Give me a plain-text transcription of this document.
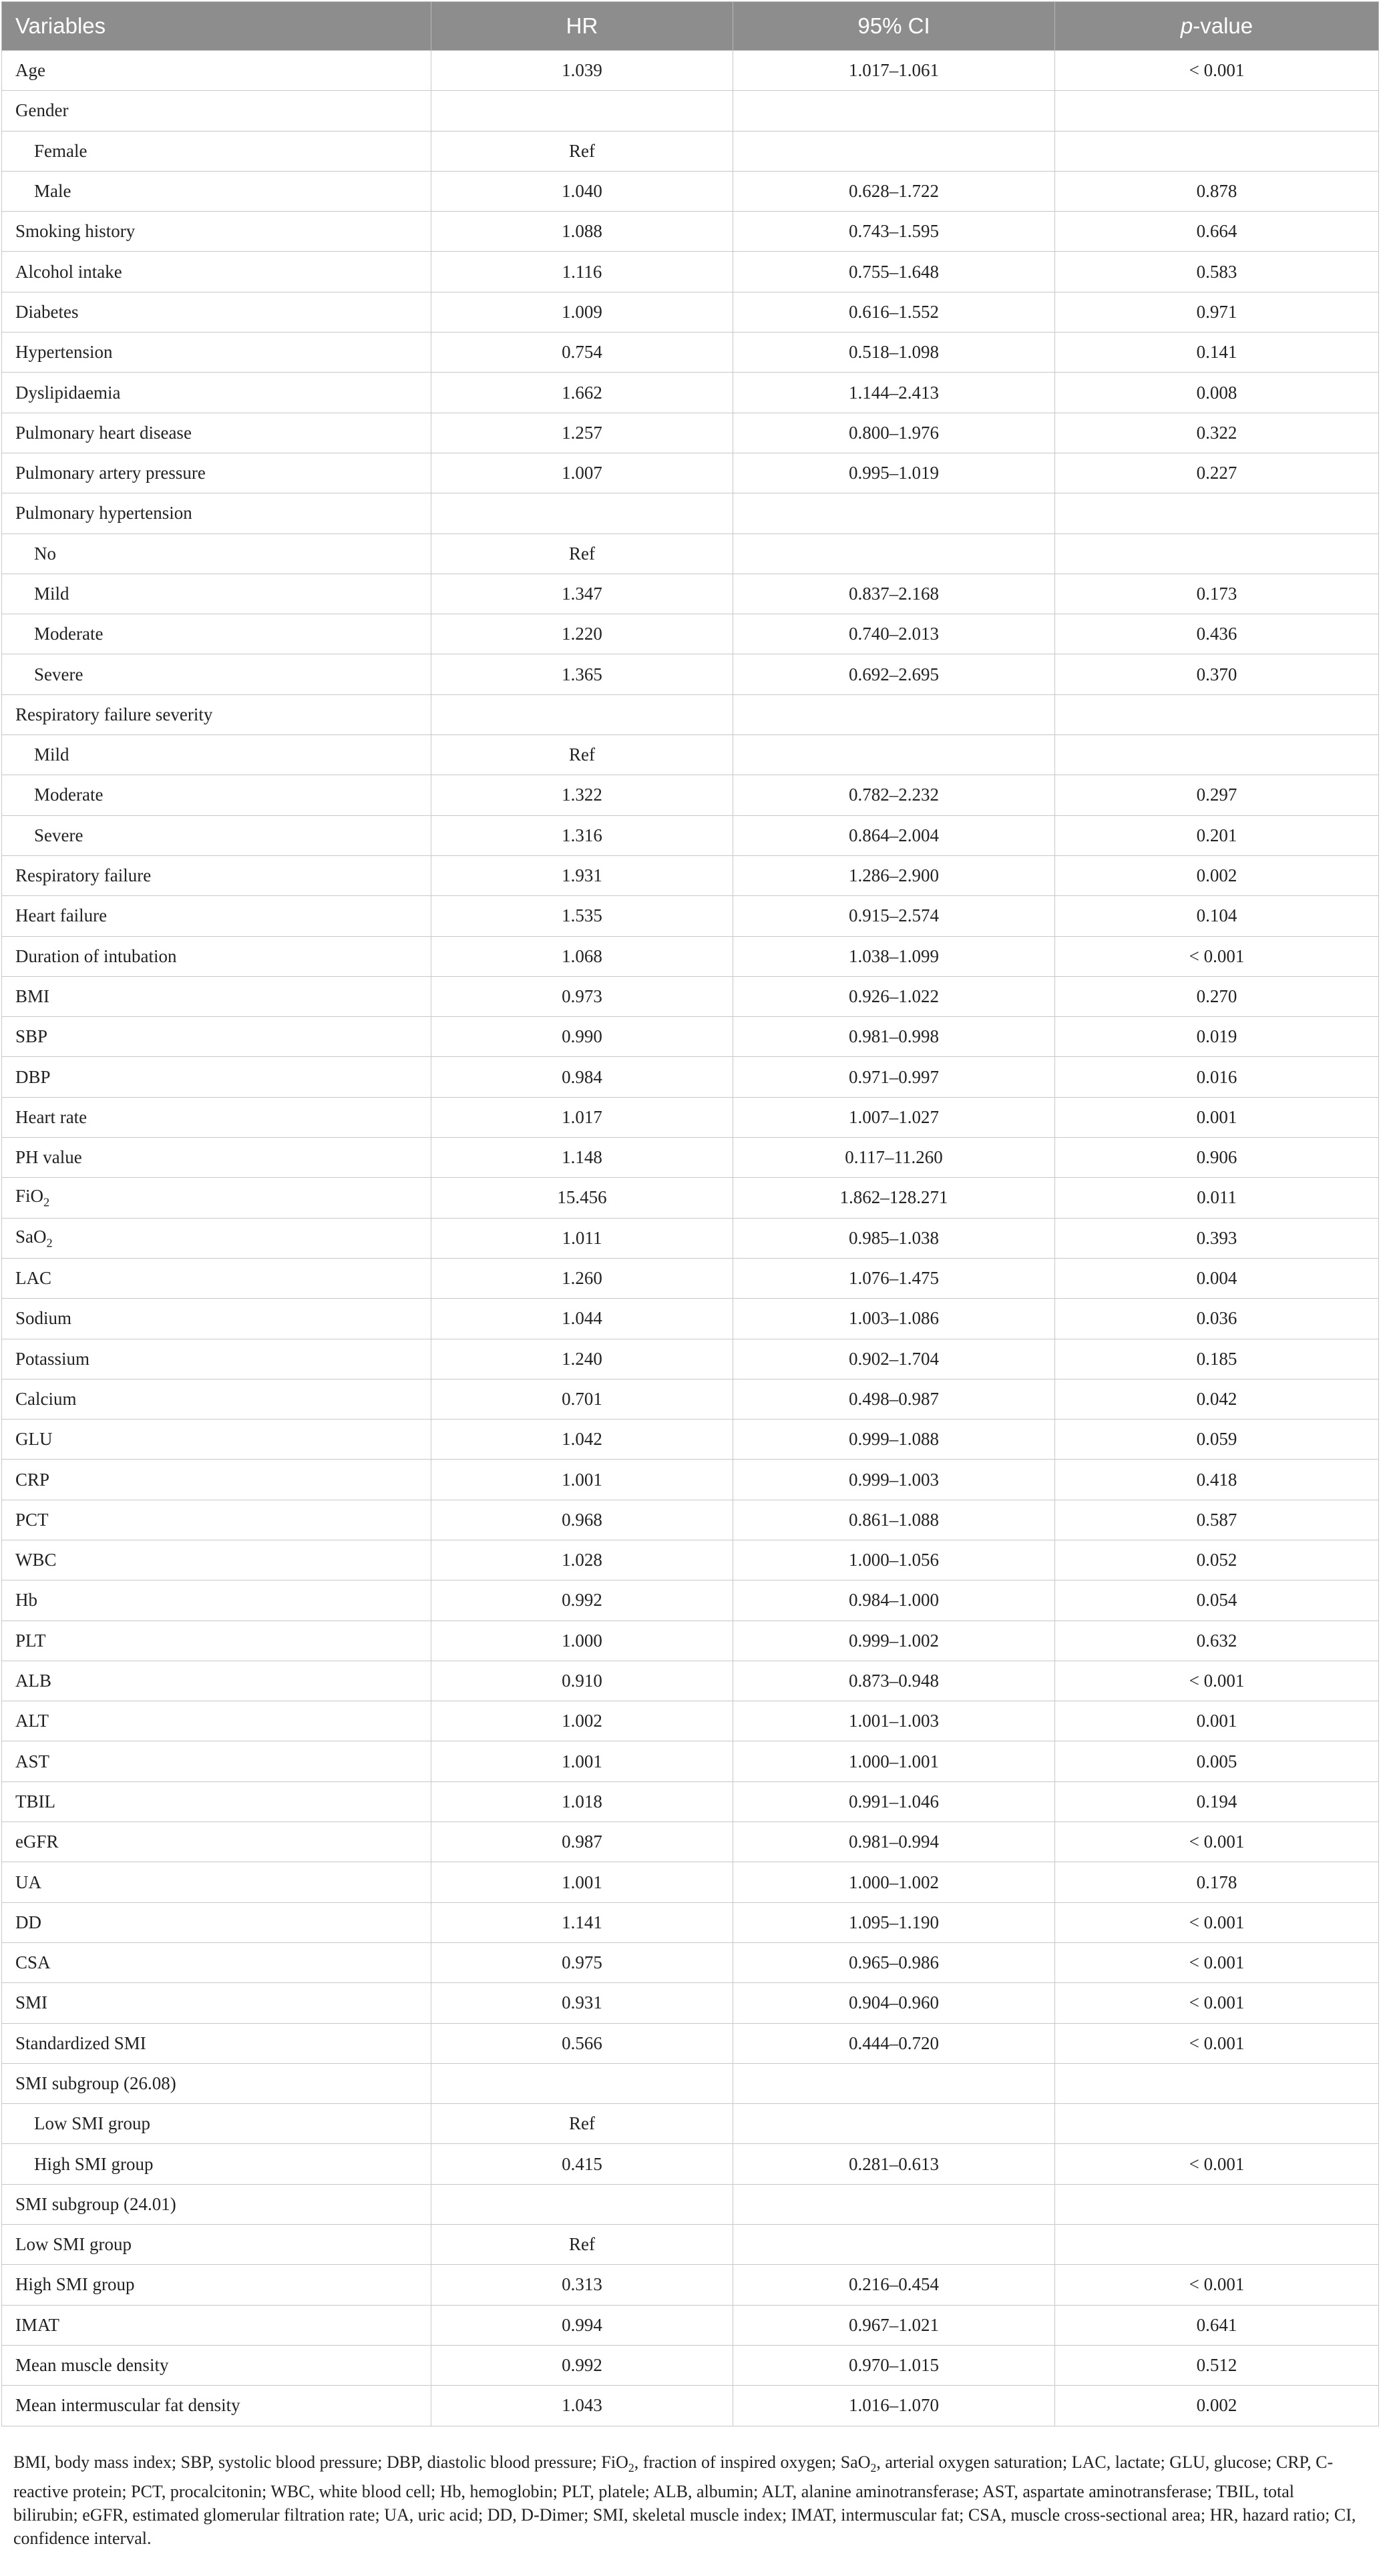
Variables	HR	95% CI	p-value
Age	1.039	1.017–1.061	< 0.001
Gender			
Female	Ref		
Male	1.040	0.628–1.722	0.878
Smoking history	1.088	0.743–1.595	0.664
Alcohol intake	1.116	0.755–1.648	0.583
Diabetes	1.009	0.616–1.552	0.971
Hypertension	0.754	0.518–1.098	0.141
Dyslipidaemia	1.662	1.144–2.413	0.008
Pulmonary heart disease	1.257	0.800–1.976	0.322
Pulmonary artery pressure	1.007	0.995–1.019	0.227
Pulmonary hypertension			
No	Ref		
Mild	1.347	0.837–2.168	0.173
Moderate	1.220	0.740–2.013	0.436
Severe	1.365	0.692–2.695	0.370
Respiratory failure severity			
Mild	Ref		
Moderate	1.322	0.782–2.232	0.297
Severe	1.316	0.864–2.004	0.201
Respiratory failure	1.931	1.286–2.900	0.002
Heart failure	1.535	0.915–2.574	0.104
Duration of intubation	1.068	1.038–1.099	< 0.001
BMI	0.973	0.926–1.022	0.270
SBP	0.990	0.981–0.998	0.019
DBP	0.984	0.971–0.997	0.016
Heart rate	1.017	1.007–1.027	0.001
PH value	1.148	0.117–11.260	0.906
FiO$_2$	15.456	1.862–128.271	0.011
SaO$_2$	1.011	0.985–1.038	0.393
LAC	1.260	1.076–1.475	0.004
Sodium	1.044	1.003–1.086	0.036
Potassium	1.240	0.902–1.704	0.185
Calcium	0.701	0.498–0.987	0.042
GLU	1.042	0.999–1.088	0.059
CRP	1.001	0.999–1.003	0.418
PCT	0.968	0.861–1.088	0.587
WBC	1.028	1.000–1.056	0.052
Hb	0.992	0.984–1.000	0.054
PLT	1.000	0.999–1.002	0.632
ALB	0.910	0.873–0.948	< 0.001
ALT	1.002	1.001–1.003	0.001
AST	1.001	1.000–1.001	0.005
TBIL	1.018	0.991–1.046	0.194
eGFR	0.987	0.981–0.994	< 0.001
UA	1.001	1.000–1.002	0.178
DD	1.141	1.095–1.190	< 0.001
CSA	0.975	0.965–0.986	< 0.001
SMI	0.931	0.904–0.960	< 0.001
Standardized SMI	0.566	0.444–0.720	< 0.001
SMI subgroup (26.08)			
Low SMI group	Ref		
High SMI group	0.415	0.281–0.613	< 0.001
SMI subgroup (24.01)			
Low SMI group	Ref		
High SMI group	0.313	0.216–0.454	< 0.001
IMAT	0.994	0.967–1.021	0.641
Mean muscle density	0.992	0.970–1.015	0.512
Mean intermuscular fat density	1.043	1.016–1.070	0.002
BMI, body mass index; SBP, systolic blood pressure; DBP, diastolic blood pressure; FiO$_2$, fraction of inspired oxygen; SaO$_2$, arterial oxygen saturation; LAC, lactate; GLU, glucose; CRP, C-reactive protein; PCT, procalcitonin; WBC, white blood cell; Hb, hemoglobin; PLT, platele; ALB, albumin; ALT, alanine aminotransferase; AST, aspartate aminotransferase; TBIL, total bilirubin; eGFR, estimated glomerular filtration rate; UA, uric acid; DD, D-Dimer; SMI, skeletal muscle index; IMAT, intermuscular fat; CSA, muscle cross-sectional area; HR, hazard ratio; CI, confidence interval.
